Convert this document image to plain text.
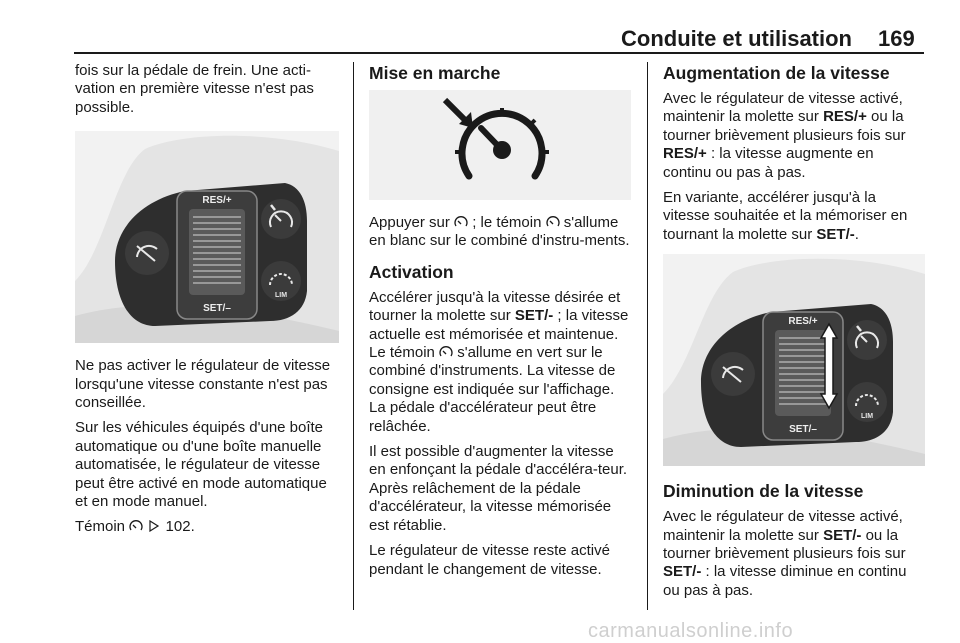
Conduite et utilisation 169

fois sur la pédale de frein. Une acti-vation en première vitesse n'est pas possible.

RES/+
SET/–
LIM

Ne pas activer le régulateur de vitesse lorsqu'une vitesse constante n'est pas conseillée.

Sur les véhicules équipés d'une boîte automatique ou d'une boîte manuelle automatisée, le régulateur de vitesse peut être activé en mode automatique et en mode manuel.

Témoin	102.

Mise en marche

Appuyer sur ; le témoin s'allume en blanc sur le combiné d'instru-ments.

Activation

Accélérer jusqu'à la vitesse désirée et tourner la molette sur SET/- ; la vitesse actuelle est mémorisée et maintenue. Le témoin s'allume en vert sur le combiné d'instruments. La vitesse de consigne est indiquée sur l'affichage. La pédale d'accélérateur peut être relâchée.

Il est possible d'augmenter la vitesse en enfonçant la pédale d'accéléra-teur. Après relâchement de la pédale d'accélérateur, la vitesse mémorisée est rétablie.

Le régulateur de vitesse reste activé pendant le changement de vitesse.

Augmentation de la vitesse

Avec le régulateur de vitesse activé, maintenir la molette sur RES/+ ou la tourner brièvement plusieurs fois sur RES/+ : la vitesse augmente en continu ou pas à pas.

En variante, accélérer jusqu'à la vitesse souhaitée et la mémoriser en tournant la molette sur SET/-.

RES/+
SET/–
LIM
Diminution de la vitesse

Avec le régulateur de vitesse activé, maintenir la molette sur SET/- ou la tourner brièvement plusieurs fois sur SET/- : la vitesse diminue en continu ou pas à pas.

carmanualsonline.info
